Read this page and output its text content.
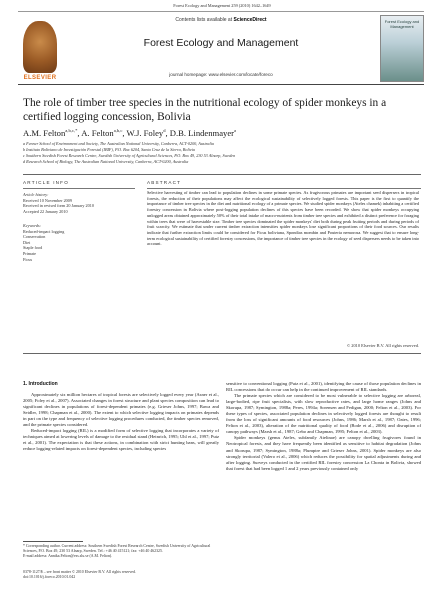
Forest Ecology and Management 259 (2010) 1642–1649
ELSEVIER
Contents lists available at ScienceDirect
Forest Ecology and Management
journal homepage: www.elsevier.com/locate/foreco
Forest Ecology and Management
The role of timber tree species in the nutritional ecology of spider monkeys in a certified logging concession, Bolivia
A.M. Felton$^{a,b,c,*}$, A. Felton$^{a,b,c}$, W.J. Foley$^d$, D.B. Lindenmayer$^a$
a Fenner School of Environment and Society, The Australian National University, Canberra, ACT-0200, Australia
b Instituto Boliviano de Investigación Forestal (IBIF), P.O. Box 6204, Santa Cruz de la Sierra, Bolivia
c Southern Swedish Forest Research Centre, Swedish University of Agricultural Sciences, P.O. Box 49, 230 53 Alnarp, Sweden
d Research School of Biology, The Australian National University, Canberra, ACT-0200, Australia
ARTICLE INFO	ABSTRACT
Article history:
Received 10 November 2009
Received in revised form 20 January 2010
Accepted 22 January 2010
Keywords:
Reduced-impact logging
Conservation
Diet
Staple food
Primate
Ficus
Selective harvesting of timber can lead to population declines in some primate species. As frugivorous primates are important seed dispersers in tropical forests, the reduction of their populations may affect the ecological sustainability of selectively logged forests. This paper is the first to quantify the importance of timber tree species in the diet and nutritional ecology of a primate species. We studied spider monkeys (Ateles chamek) inhabiting a certified forestry concession in Bolivia where post-logging population declines of this species have been recorded. We show that spider monkeys occupying unlogged areas obtained approximately 50% of their total intake of macro-nutrients from timber tree species and exhibited a distinct preference for foraging within trees that were of harvestable size. Timber tree species dominated the spider monkeys' diet both during peak fruiting periods and during periods of fruit scarcity. We estimate that under current timber extraction intensities spider monkeys lose significant proportions of their food sources. Our results indicate that further extraction limits could be considered for Ficus boliviana, Spondias mombin and Pouteria nemorosa. We suggest that to ensure long-term ecological sustainability of certified forestry concessions, the importance of timber tree species in the ecology of seed dispersers needs to be taken into account.
© 2010 Elsevier B.V. All rights reserved.
1. Introduction

Approximately six million hectares of tropical forests are selectively logged every year (Asner et al., 2005; Foley et al., 2007). Associated changes in forest structure and plant species composition can lead to significant declines in populations of forest-dependent primates (e.g. Grieser Johns, 1997; Bawa and Seidler, 1998; Chapman et al., 2000). The extent to which selective logging impacts on primates depends in part on the type and frequency of selective logging procedures conducted, the timber species removed, and the primate species considered.

Reduced-impact logging (RIL) is a modified form of selective logging that incorporates a variety of techniques aimed at lowering levels of damage to the residual stand (Heinrich, 1995; Uhl et al., 1997; Putz et al., 2001). The expectation is that these actions, in combination with strict hunting bans, will greatly reduce logging-related impacts on forest-dependent species, including species

sensitive to conventional logging (Putz et al., 2001), identifying the cause of those population declines in RIL concessions that do occur can help in the continued improvement of RIL standards.

The primate species which are considered to be most vulnerable to selective logging are arboreal, large-bodied, ripe fruit specialists, with slow reproductive rates, and large home ranges (Johns and Skorupa, 1987; Symington, 1988a; Peres, 1994a; Sorensen and Fedigan, 2000; Felton et al., 2003). For these types of species, associated population declines in selectively logged forests are thought to result from the loss of significant amounts of food resources (Johns, 1986; Marsh et al., 1987; Oates, 1996; Felton et al., 2003), alteration of the nutritional quality of food (Bode et al., 2006) and disruption of canopy pathways (Marsh et al., 1987; Gebo and Chapman, 1995; Felton et al., 2003).

Spider monkeys (genus Ateles, subfamily Atelinae) are canopy dwelling frugivores found in Neotropical forests, and they have frequently been identified as sensitive to habitat degradation (Johns and Skorupa, 1987; Symington, 1988a; Plumptre and Grieser Johns, 2001). Spider monkeys are also strongly territorial (Valero et al., 2006) which reduces the possibility for spatial adjustments during and after logging. Surveys conducted in the certified RIL forestry concession La Chonta in Bolivia, showed that forest that had been logged 1 and 2 years previously contained only

* Corresponding author. Current address: Southern Swedish Forest Research Centre, Swedish University of Agricultural Sciences, P.O. Box 49, 230 53 Alnarp, Sweden. Tel.: +46 40 415121; fax: +46 40 462325.
E-mail address: Annika.Felton@ess.slu.se (A.M. Felton).
0378-1127/$ – see front matter © 2010 Elsevier B.V. All rights reserved.
doi:10.1016/j.foreco.2010.01.042
